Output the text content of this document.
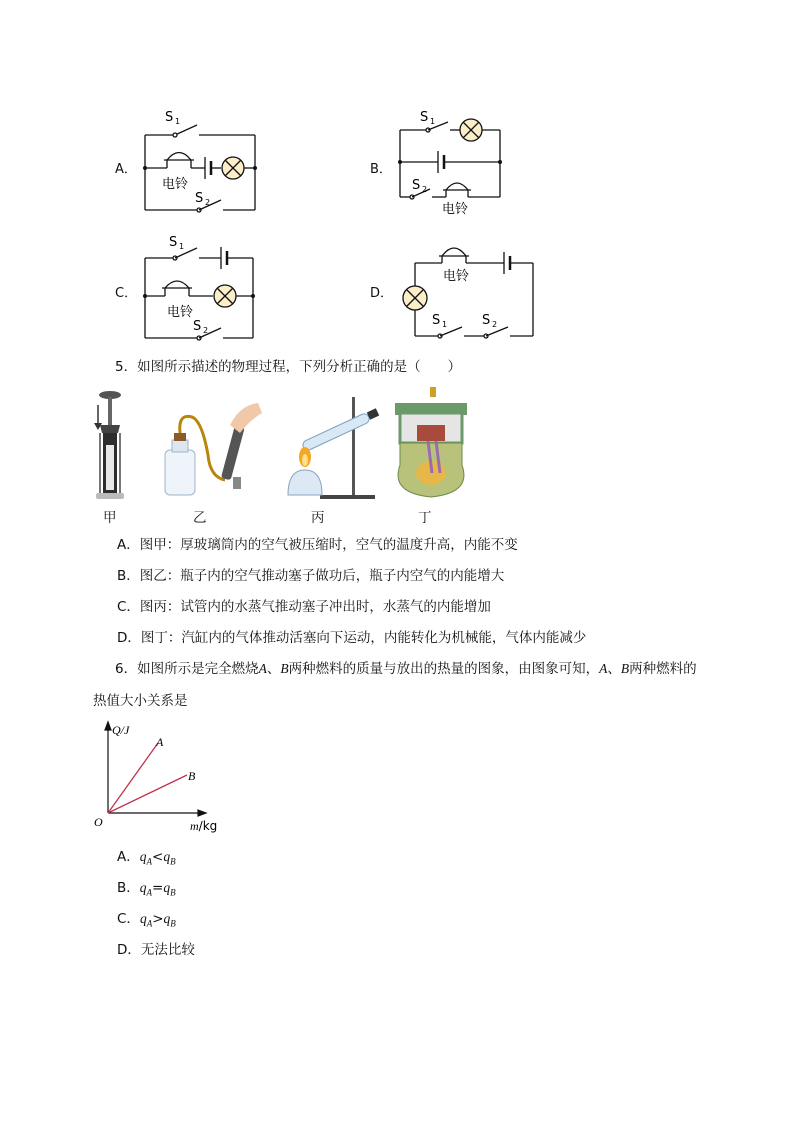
A．
S 1
电铃
S 2
B．
S 1
S 2
电铃
C．
S 1
电铃
S 2
D．
电铃
S 1	S 2
5．如图所示描述的物理过程，下列分析正确的是（　　）
甲	乙	丙	丁
A．图甲：厚玻璃筒内的空气被压缩时，空气的温度升高，内能不变
B．图乙：瓶子内的空气推动塞子做功后，瓶子内空气的内能增大
C．图丙：试管内的水蒸气推动塞子冲出时，水蒸气的内能增加
D．图丁：汽缸内的气体推动活塞向下运动，内能转化为机械能，气体内能减少
6．如图所示是完全燃烧A、B两种燃料的质量与放出的热量的图象，由图象可知，A、B两种燃料的
热值大小关系是
Q/J
A
B
O	m/kg
A．$q_A<q_B$
B．$q_A=q_B$
C．$q_A>q_B$
D．无法比较
